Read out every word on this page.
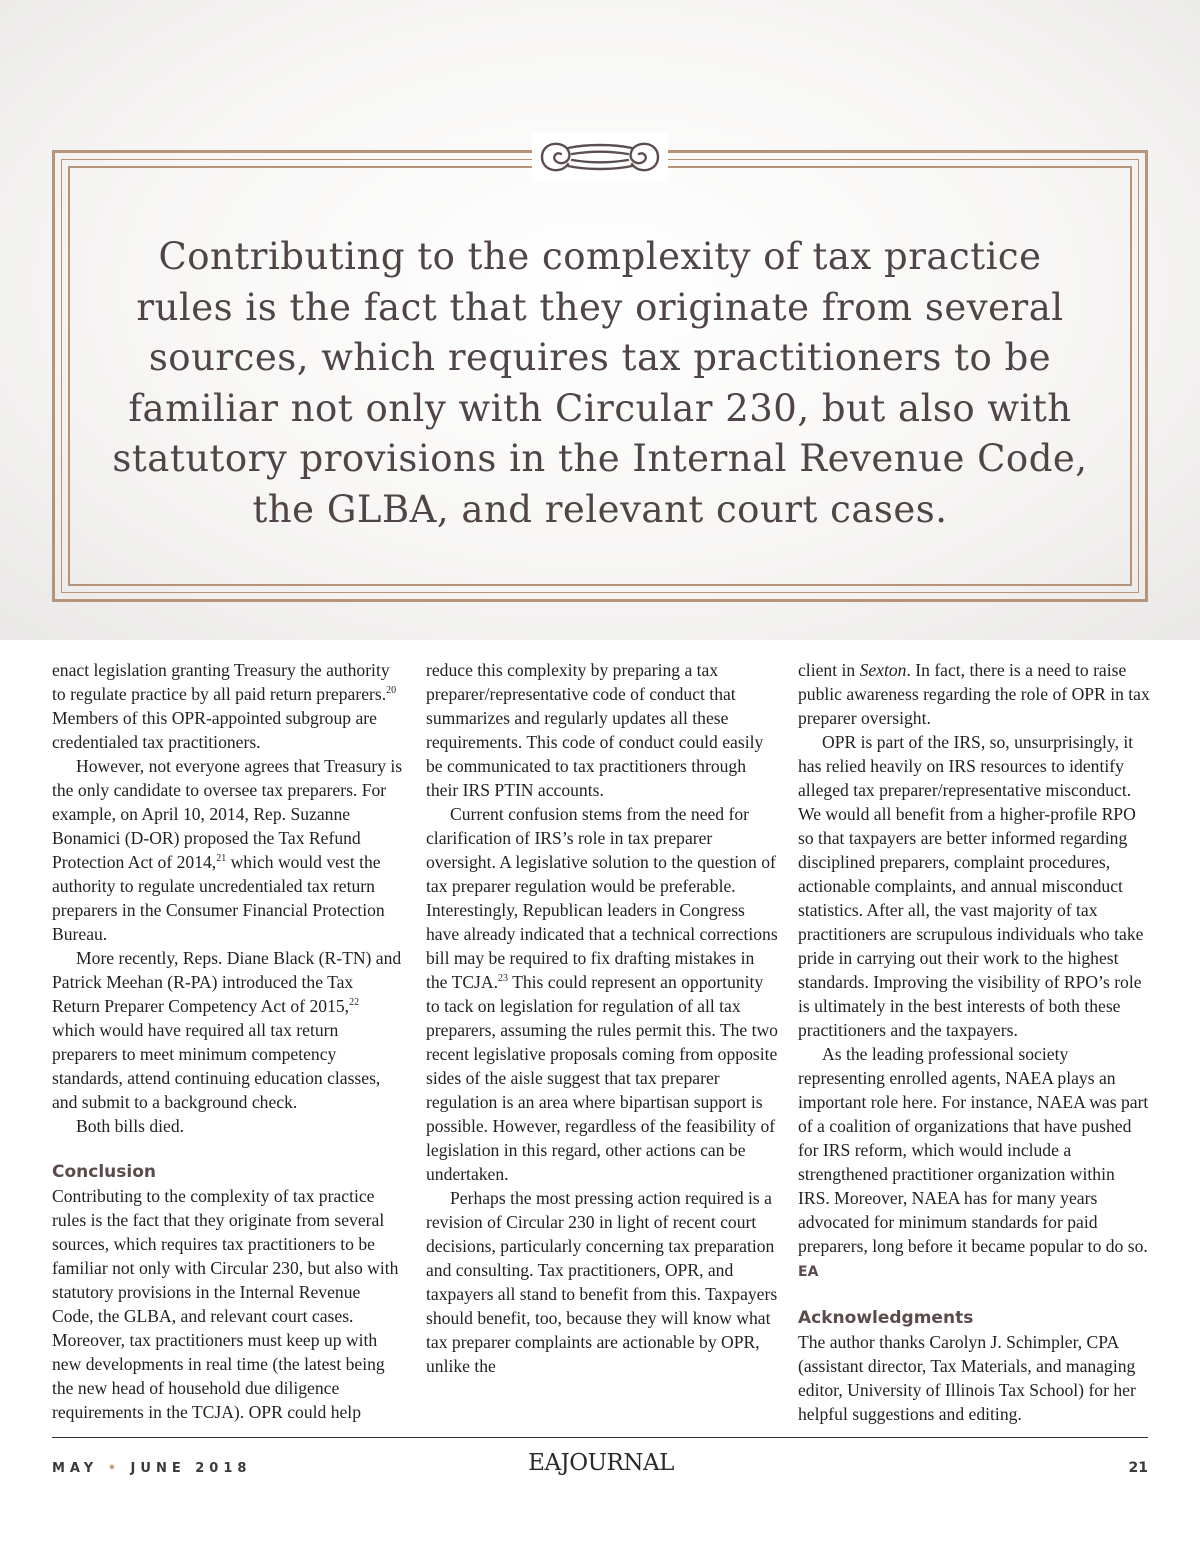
Contributing to the complexity of tax practice rules is the fact that they originate from several sources, which requires tax practitioners to be familiar not only with Circular 230, but also with statutory provisions in the Internal Revenue Code, the GLBA, and relevant court cases.

enact legislation granting Treasury the authority to regulate practice by all paid return preparers.$^{20}$ Members of this OPR-appointed subgroup are credentialed tax practitioners.

However, not everyone agrees that Treasury is the only candidate to oversee tax preparers. For example, on April 10, 2014, Rep. Suzanne Bonamici (D-OR) proposed the Tax Refund Protection Act of 2014,21 which would vest the authority to regulate uncredentialed tax return preparers in the Consumer Financial Protection Bureau.

More recently, Reps. Diane Black (R-TN) and Patrick Meehan (R-PA) introduced the Tax Return Preparer Competency Act of 2015,22 which would have required all tax return preparers to meet minimum competency standards, attend continuing education classes, and submit to a background check.

Both bills died.

Conclusion

Contributing to the complexity of tax practice rules is the fact that they originate from several sources, which requires tax practitioners to be familiar not only with Circular 230, but also with statutory provisions in the Internal Revenue Code, the GLBA, and relevant court cases. Moreover, tax practitioners must keep up with new developments in real time (the latest being the new head of household due diligence requirements in the TCJA). OPR could help

reduce this complexity by preparing a tax preparer/representative code of conduct that summarizes and regularly updates all these requirements. This code of conduct could easily be communicated to tax practitioners through their IRS PTIN accounts.

Current confusion stems from the need for clarification of IRS’s role in tax preparer oversight. A legislative solution to the question of tax preparer regulation would be preferable. Interestingly, Republican leaders in Congress have already indicated that a technical corrections bill may be required to fix drafting mistakes in the TCJA.$^{23}$ This could represent an opportunity to tack on legislation for regulation of all tax preparers, assuming the rules permit this. The two recent legislative proposals coming from opposite sides of the aisle suggest that tax preparer regulation is an area where bipartisan support is possible. However, regardless of the feasibility of legislation in this regard, other actions can be undertaken.

Perhaps the most pressing action required is a revision of Circular 230 in light of recent court decisions, particularly concerning tax preparation and consulting. Tax practitioners, OPR, and taxpayers all stand to benefit from this. Taxpayers should benefit, too, because they will know what tax preparer complaints are actionable by OPR, unlike the

client in Sexton. In fact, there is a need to raise public awareness regarding the role of OPR in tax preparer oversight.

OPR is part of the IRS, so, unsurprisingly, it has relied heavily on IRS resources to identify alleged tax preparer/representative misconduct. We would all benefit from a higher-profile RPO so that taxpayers are better informed regarding disciplined preparers, complaint procedures, actionable complaints, and annual misconduct statistics. After all, the vast majority of tax practitioners are scrupulous individuals who take pride in carrying out their work to the highest standards. Improving the visibility of RPO’s role is ultimately in the best interests of both these practitioners and the taxpayers.

As the leading professional society representing enrolled agents, NAEA plays an important role here. For instance, NAEA was part of a coalition of organizations that have pushed for IRS reform, which would include a strengthened practitioner organization within IRS. Moreover, NAEA has for many years advocated for minimum standards for paid preparers, long before it became popular to do so. EA

Acknowledgments

The author thanks Carolyn J. Schimpler, CPA (assistant director, Tax Materials, and managing editor, University of Illinois Tax School) for her helpful suggestions and editing.

MAY • JUNE 2018	EAJOURNAL	21
